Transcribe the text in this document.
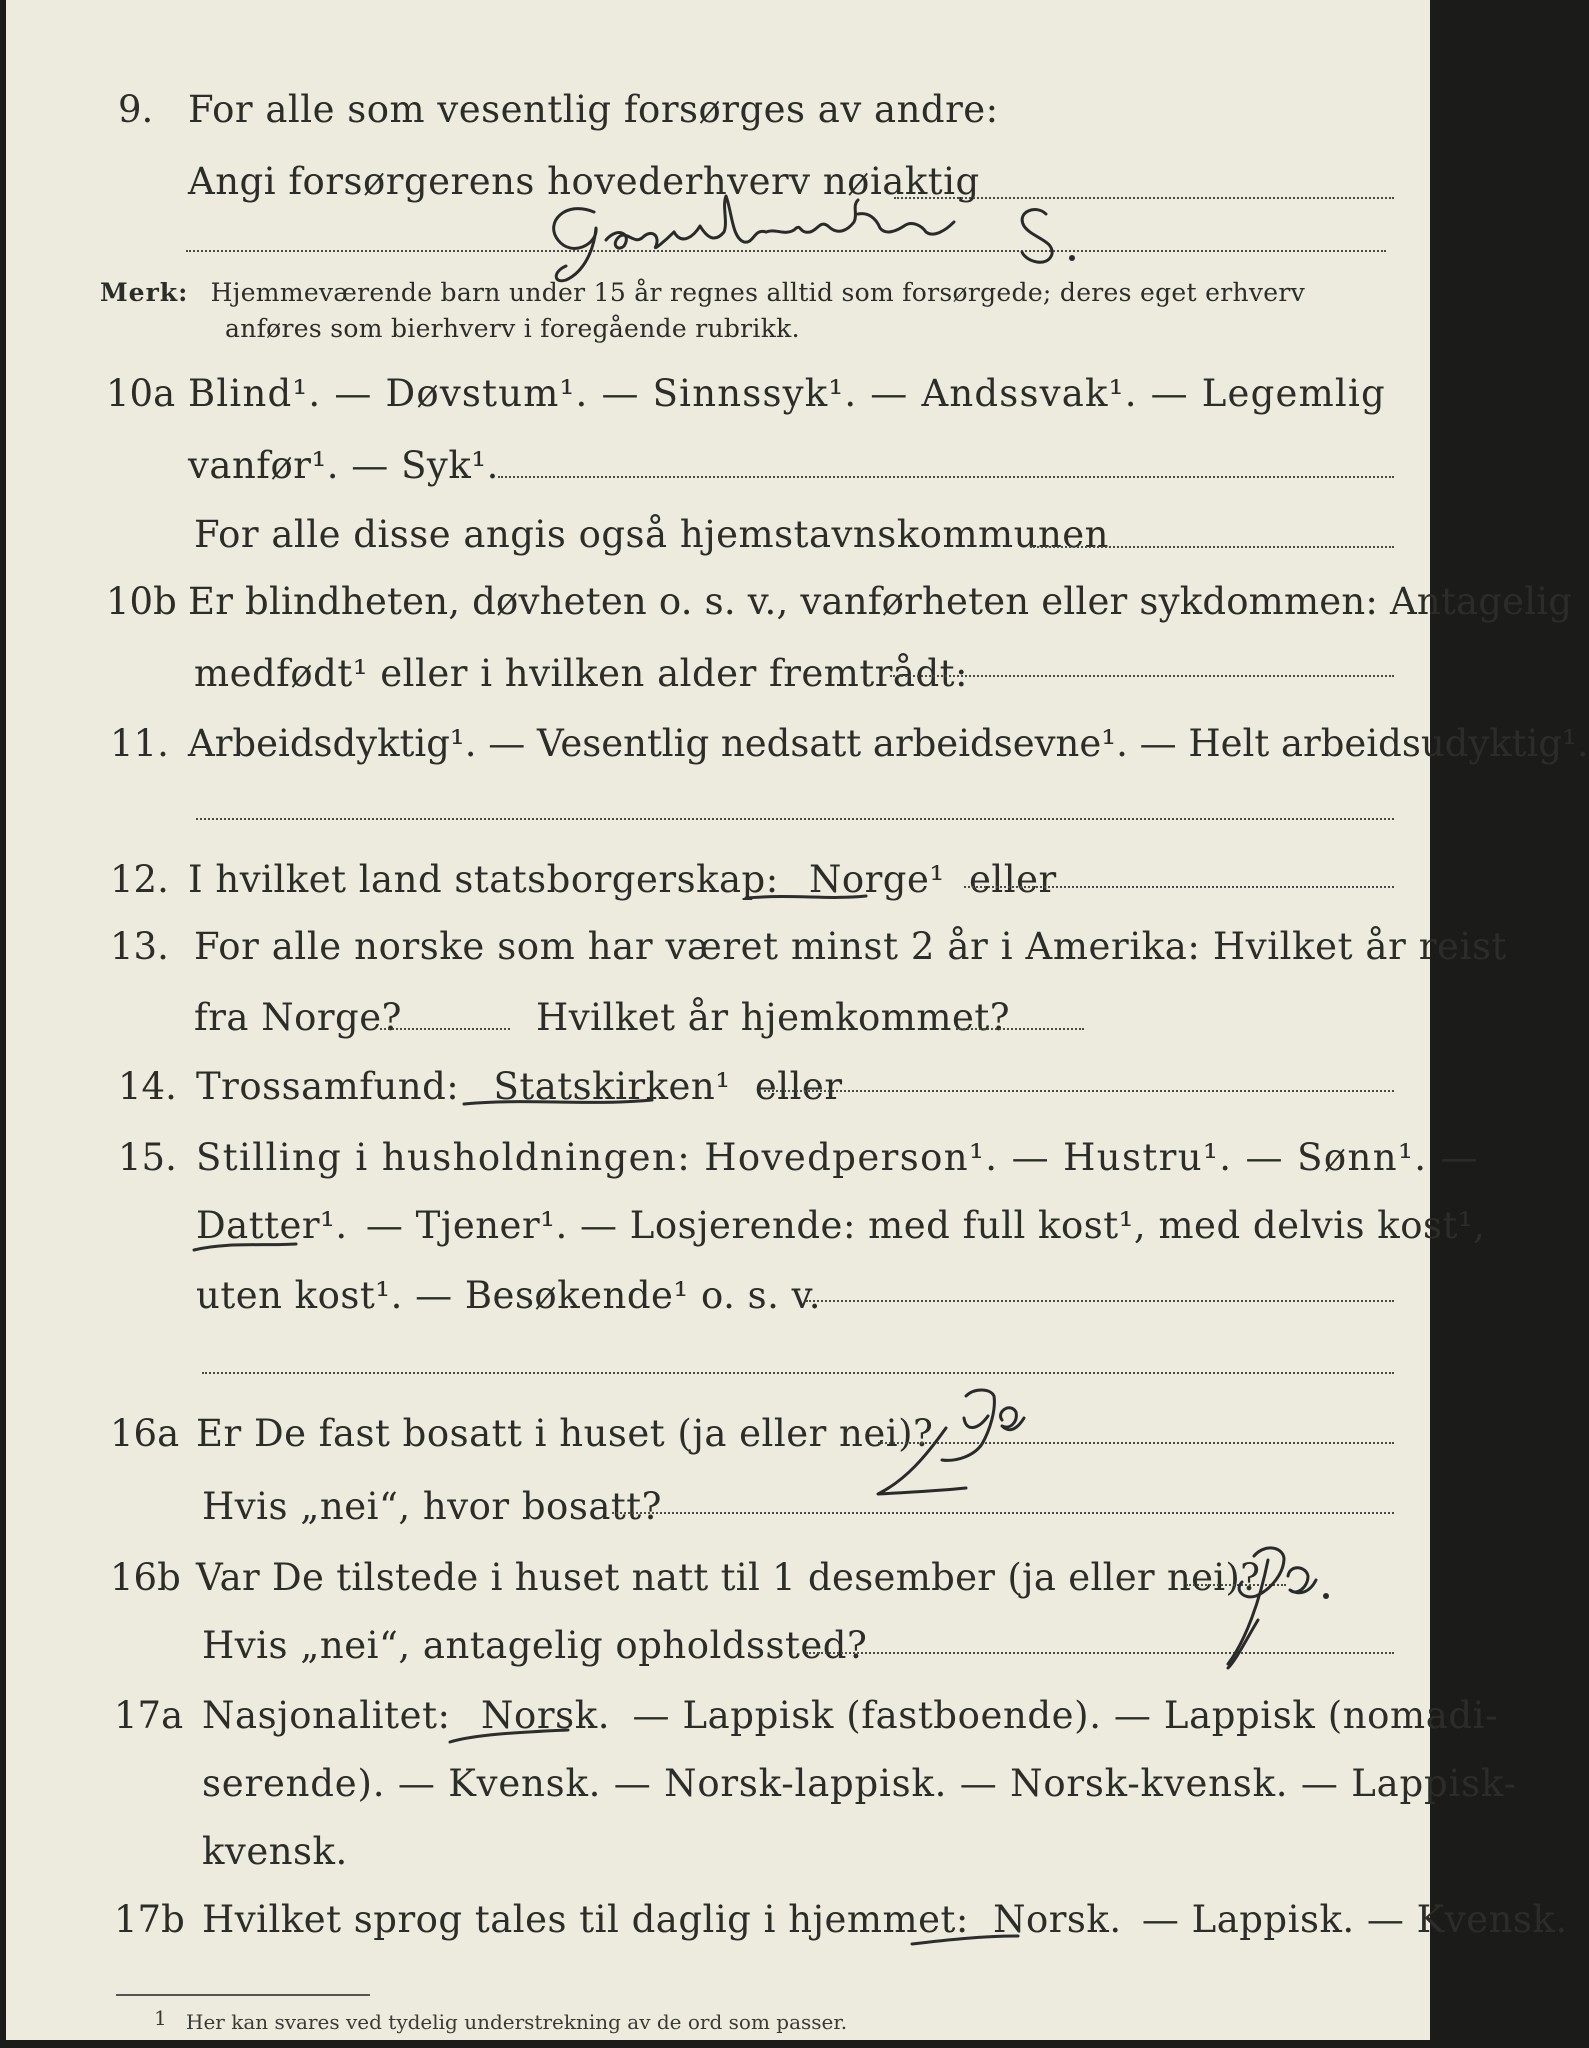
9. For alle som vesentlig forsørges av andre:
Angi forsørgerens hovederhverv nøiaktig
Merk: Hjemmeværende barn under 15 år regnes alltid som forsørgede; deres eget erhverv
anføres som bierhverv i foregående rubrikk.
10a Blind¹. — Døvstum¹. — Sinnssyk¹. — Andssvak¹. — Legemlig
vanfør¹. — Syk¹.
For alle disse angis også hjemstavnskommunen
10b Er blindheten, døvheten o. s. v., vanførheten eller sykdommen: Antagelig
medfødt¹ eller i hvilken alder fremtrådt:
11. Arbeidsdyktig¹. — Vesentlig nedsatt arbeidsevne¹. — Helt arbeidsudyktig¹.
12. I hvilket land statsborgerskap: Norge¹ eller
13. For alle norske som har været minst 2 år i Amerika: Hvilket år reist
fra Norge?	Hvilket år hjemkommet?
14. Trossamfund: Statskirken¹ eller
15. Stilling i husholdningen: Hovedperson¹. — Hustru¹. — Sønn¹. —
Datter¹. — Tjener¹. — Losjerende: med full kost¹, med delvis kost¹,
uten kost¹. — Besøkende¹ o. s. v.
16a Er De fast bosatt i huset (ja eller nei)?
Hvis „nei“, hvor bosatt?
16b Var De tilstede i huset natt til 1 desember (ja eller nei)?
Hvis „nei“, antagelig opholdssted?
17a Nasjonalitet: Norsk. — Lappisk (fastboende). — Lappisk (nomadi-
serende). — Kvensk. — Norsk-lappisk. — Norsk-kvensk. — Lappisk-
kvensk.
17b Hvilket sprog tales til daglig i hjemmet: Norsk. — Lappisk. — Kvensk.
1 Her kan svares ved tydelig understrekning av de ord som passer.
